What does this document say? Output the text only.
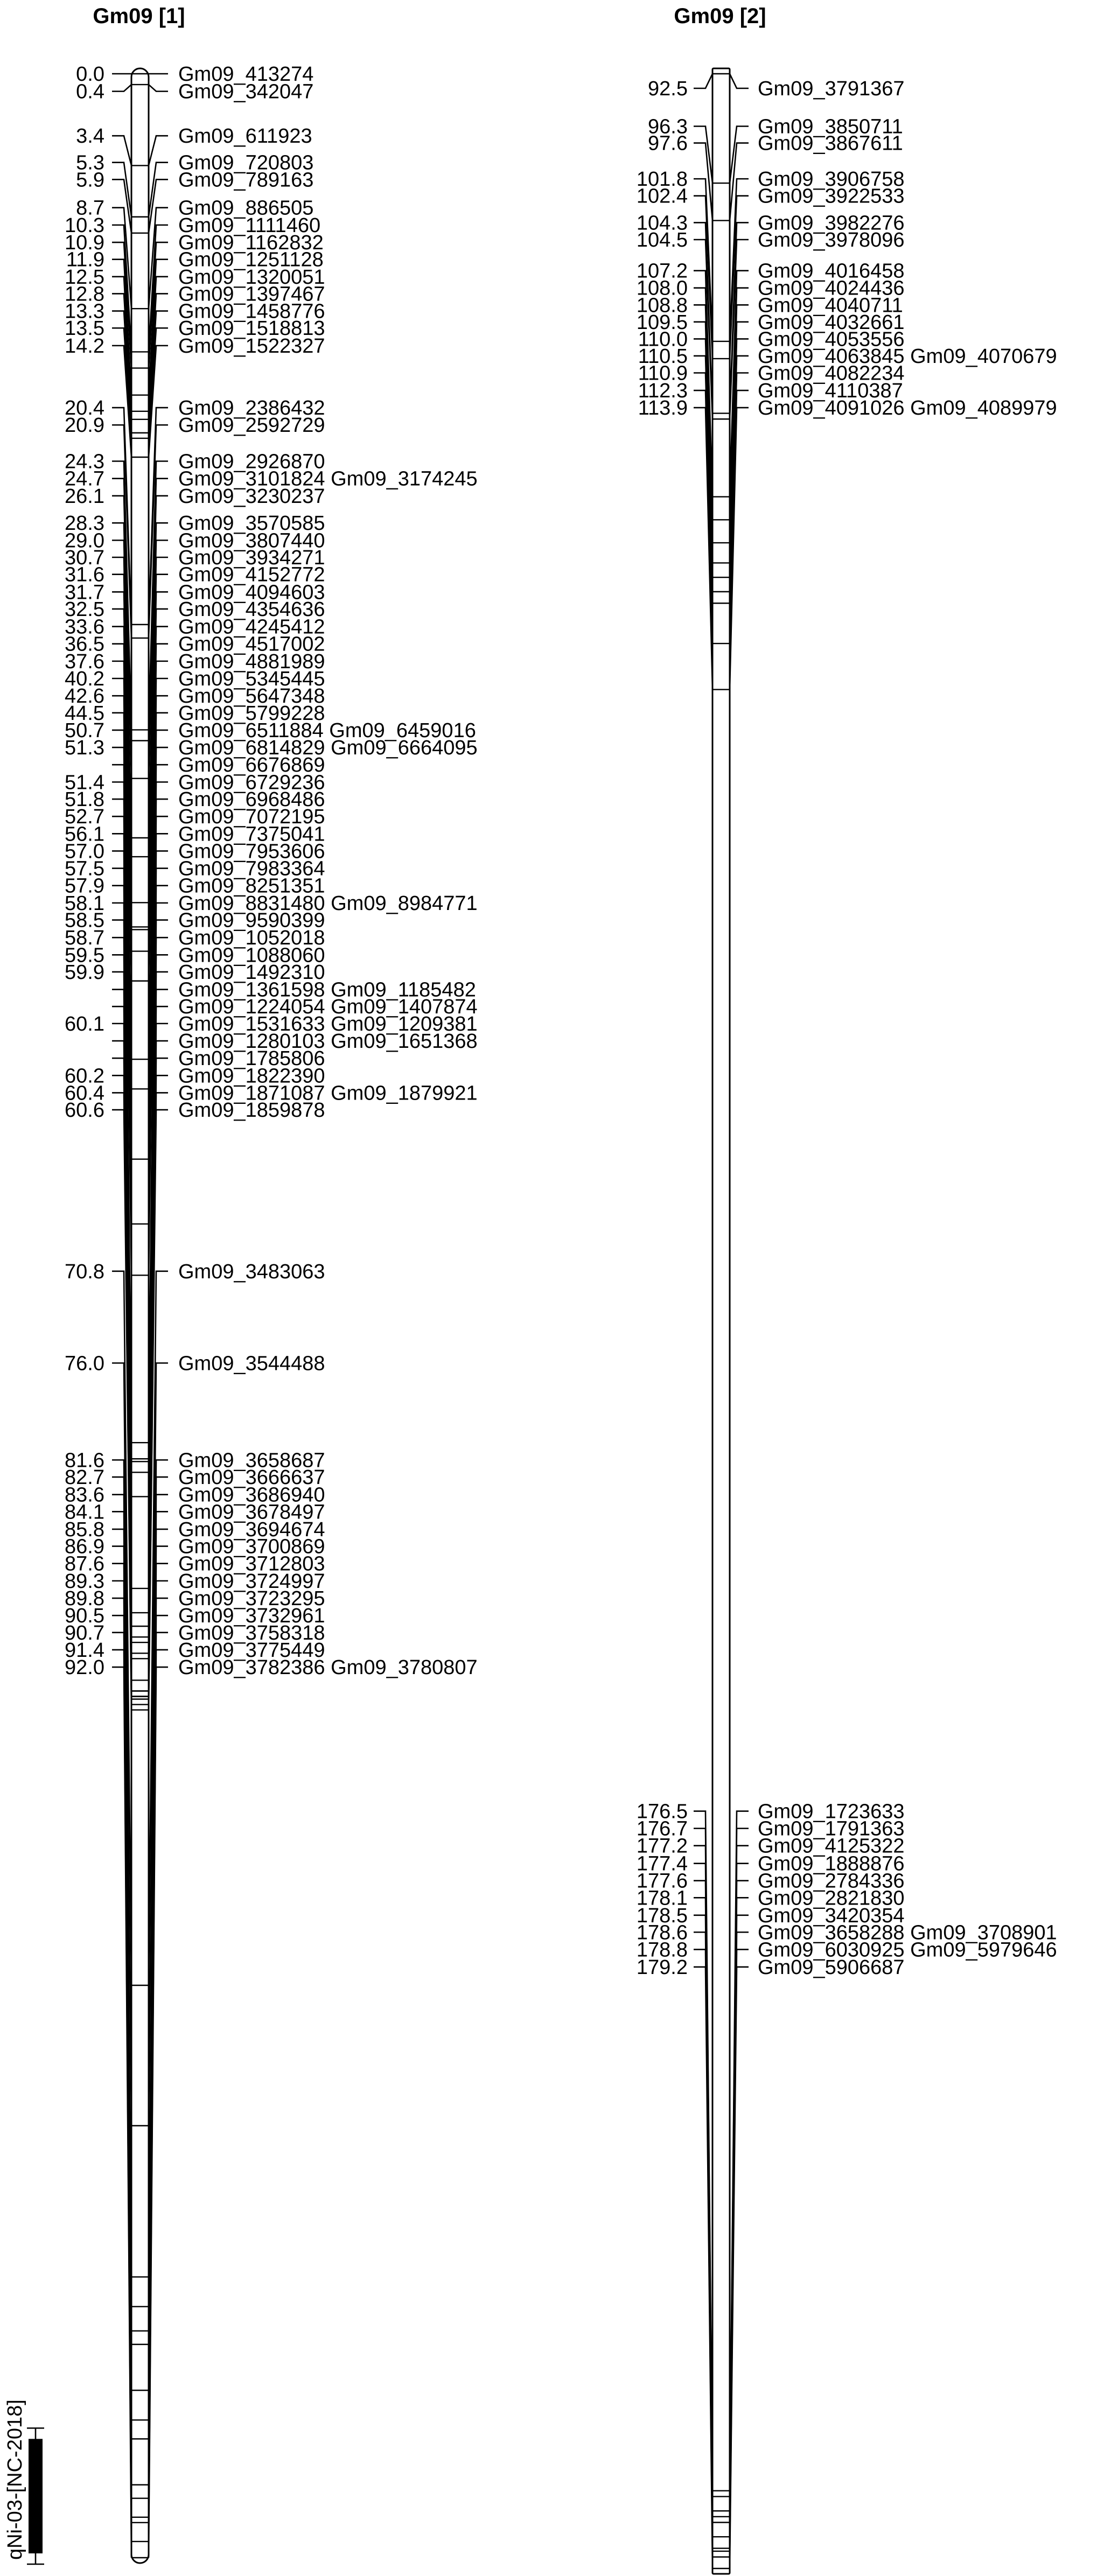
Gm09 [1]
0.0	Gm09_413274
0.4	Gm09_342047
3.4	Gm09_611923
5.3	Gm09_720803
5.9	Gm09_789163
8.7	Gm09_886505
10.3	Gm09_1111460
10.9	Gm09_1162832
11.9	Gm09_1251128
12.5	Gm09_1320051
12.8	Gm09_1397467
13.3	Gm09_1458776
13.5	Gm09_1518813
14.2	Gm09_1522327
20.4	Gm09_2386432
20.9	Gm09_2592729
24.3	Gm09_2926870
24.7	Gm09_3101824 Gm09_3174245
26.1	Gm09_3230237
28.3	Gm09_3570585
29.0	Gm09_3807440
30.7	Gm09_3934271
31.6	Gm09_4152772
31.7	Gm09_4094603
32.5	Gm09_4354636
33.6	Gm09_4245412
36.5	Gm09_4517002
37.6	Gm09_4881989
40.2	Gm09_5345445
42.6	Gm09_5647348
44.5	Gm09_5799228
50.7	Gm09_6511884 Gm09_6459016
51.3	Gm09_6814829 Gm09_6664095
Gm09_6676869
51.4	Gm09_6729236
51.8	Gm09_6968486
52.7	Gm09_7072195
56.1	Gm09_7375041
57.0	Gm09_7953606
57.5	Gm09_7983364
57.9	Gm09_8251351
58.1	Gm09_8831480 Gm09_8984771
58.5	Gm09_9590399
58.7	Gm09_1052018
59.5	Gm09_1088060
59.9	Gm09_1492310
Gm09_1361598 Gm09_1185482
Gm09_1224054 Gm09_1407874
60.1	Gm09_1531633 Gm09_1209381
Gm09_1280103 Gm09_1651368
Gm09_1785806
60.2	Gm09_1822390
60.4	Gm09_1871087 Gm09_1879921
60.6	Gm09_1859878
70.8	Gm09_3483063
76.0	Gm09_3544488
81.6	Gm09_3658687
82.7	Gm09_3666637
83.6	Gm09_3686940
84.1	Gm09_3678497
85.8	Gm09_3694674
86.9	Gm09_3700869
87.6	Gm09_3712803
89.3	Gm09_3724997
89.8	Gm09_3723295
90.5	Gm09_3732961
90.7	Gm09_3758318
91.4	Gm09_3775449
92.0	Gm09_3782386 Gm09_3780807
Gm09 [2]
92.5	Gm09_3791367
96.3	Gm09_3850711
97.6	Gm09_3867611
101.8	Gm09_3906758
102.4	Gm09_3922533
104.3	Gm09_3982276
104.5	Gm09_3978096
107.2	Gm09_4016458
108.0	Gm09_4024436
108.8	Gm09_4040711
109.5	Gm09_4032661
110.0	Gm09_4053556
110.5	Gm09_4063845 Gm09_4070679
110.9	Gm09_4082234
112.3	Gm09_4110387
113.9	Gm09_4091026 Gm09_4089979
176.5	Gm09_1723633
176.7	Gm09_1791363
177.2	Gm09_4125322
177.4	Gm09_1888876
177.6	Gm09_2784336
178.1	Gm09_2821830
178.5	Gm09_3420354
178.6	Gm09_3658288 Gm09_3708901
178.8	Gm09_6030925 Gm09_5979646
179.2	Gm09_5906687
qNi-03-[NC-2018]
